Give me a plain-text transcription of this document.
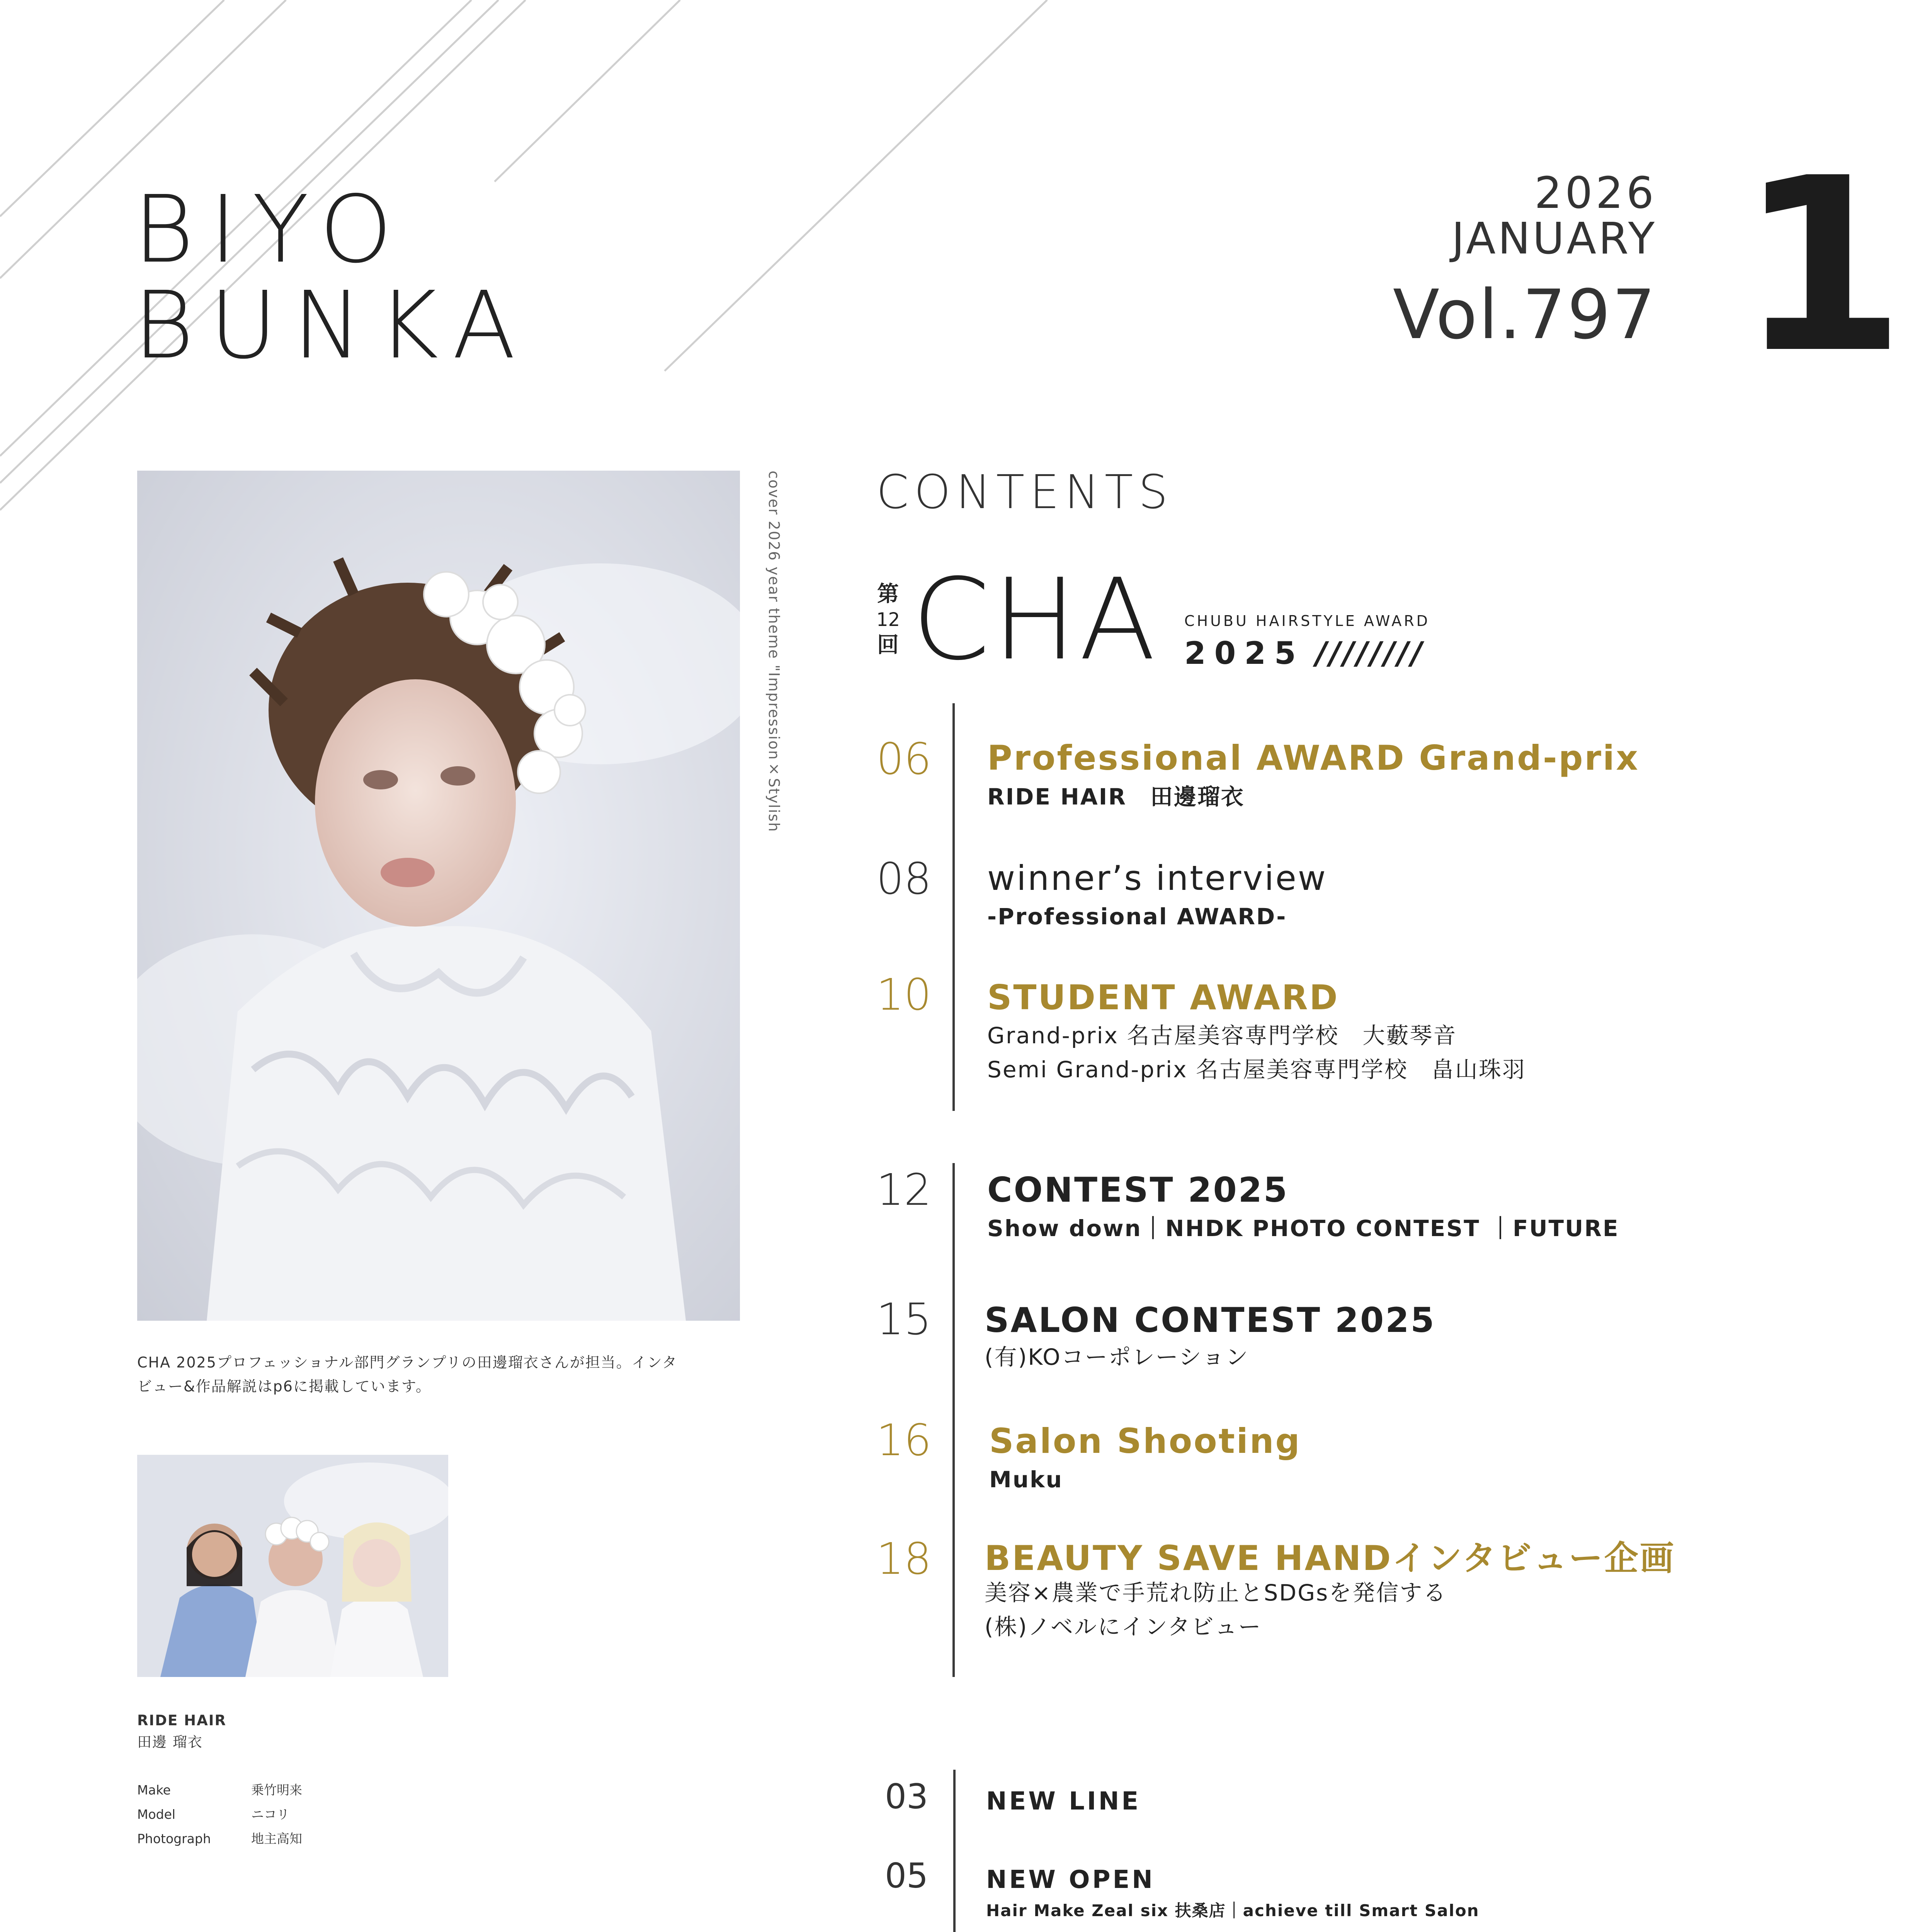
BIYO
BUNKA
2026
JANUARY
Vol.797 1
cover 2026 year theme "Impression×Stylish
CHA 2025プロフェッショナル部門グランプリの田邊瑠衣さんが担当。インタ
ビュー&作品解説はp6に掲載しています。
RIDE HAIR
田邊 瑠衣
Make	乗竹明来
Model	ニコリ
Photograph	地主高知
CONTENTS
第
12
回 CHA CHUBU HAIRSTYLE AWARD
2025 ////////
06 Professional AWARD Grand-prix
RIDE HAIR　田邊瑠衣
08 winner’s interview
-Professional AWARD-
10 STUDENT AWARD
Grand-prix 名古屋美容専門学校　大藪琴音
Semi Grand-prix 名古屋美容専門学校　畠山珠羽
12 CONTEST 2025
Show down｜NHDK PHOTO CONTEST ｜FUTURE
15 SALON CONTEST 2025
(有)KOコーポレーション
16 Salon Shooting
Muku
18 BEAUTY SAVE HANDインタビュー企画
美容×農業で手荒れ防止とSDGsを発信する
(株)ノベルにインタビュー
03 NEW LINE
05 NEW OPEN
Hair Make Zeal six 扶桑店｜achieve till Smart Salon
